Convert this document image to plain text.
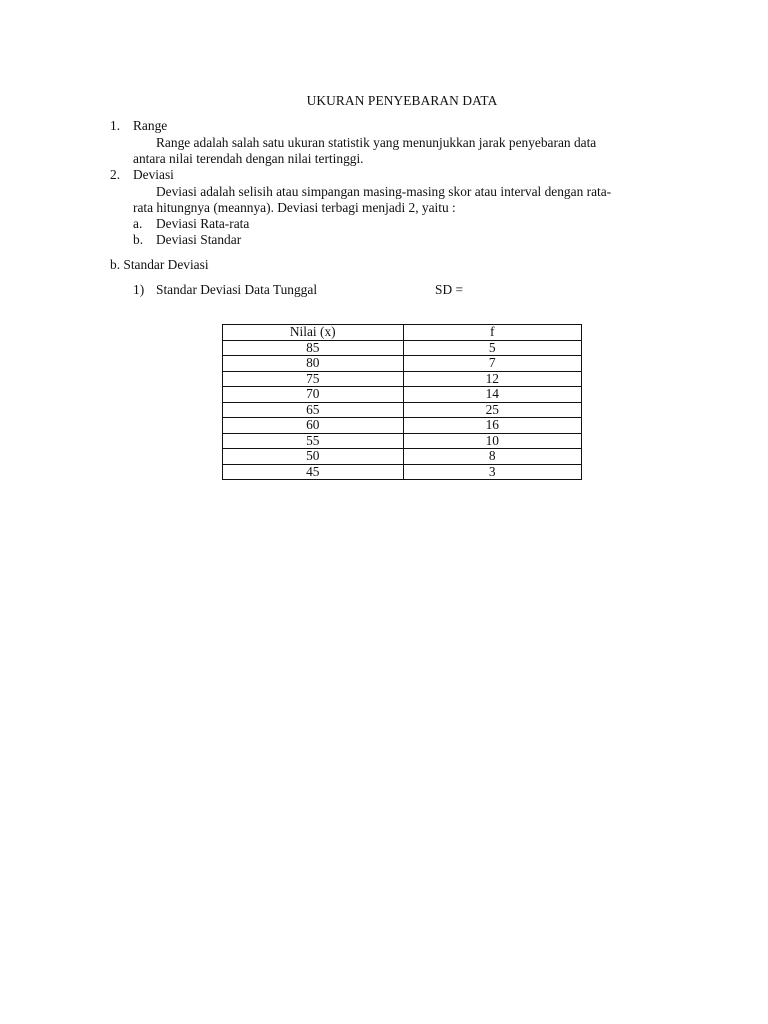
UKURAN PENYEBARAN DATA
1. Range
Range adalah salah satu ukuran statistik yang menunjukkan jarak penyebaran data
antara nilai terendah dengan nilai tertinggi.
2. Deviasi
Deviasi adalah selisih atau simpangan masing-masing skor atau interval dengan rata-
rata hitungnya (meannya). Deviasi terbagi menjadi 2, yaitu :
a. Deviasi Rata-rata
b. Deviasi Standar
b. Standar Deviasi
1) Standar Deviasi Data Tunggal	SD =
Nilai (x)	f
85	5
80	7
75	12
70	14
65	25
60	16
55	10
50	8
45	3
